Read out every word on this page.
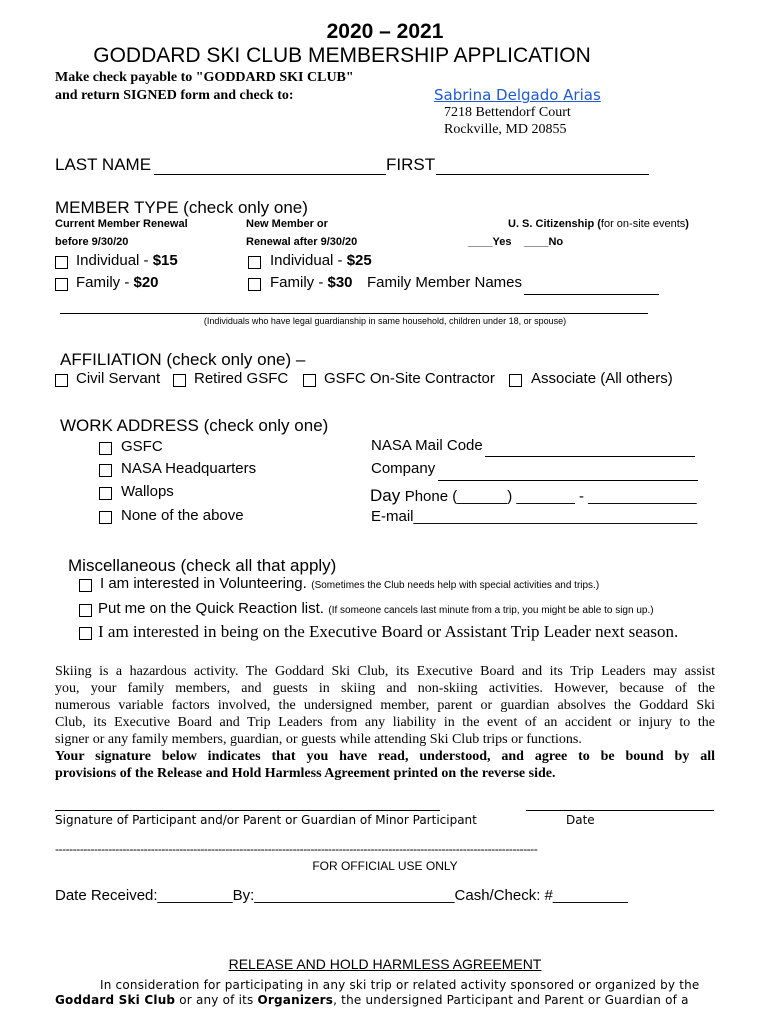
2020 – 2021
GODDARD SKI CLUB MEMBERSHIP APPLICATION
Make check payable to "GODDARD SKI CLUB"
and return SIGNED form and check to:	Sabrina Delgado Arias
7218 Bettendorf Court
Rockville, MD 20855
LAST NAME	FIRST
MEMBER TYPE (check only one)
Current Member Renewal
before 9/30/20
New Member or
Renewal after 9/30/20
U. S. Citizenship (for on-site events)
____Yes ____No
Individual - $15	Individual - $25
Family - $20	Family - $30 Family Member Names
(Individuals who have legal guardianship in same household, children under 18, or spouse)
AFFILIATION (check only one) –
Civil Servant Retired GSFC GSFC On-Site Contractor Associate (All others)
WORK ADDRESS (check only one)
GSFC
NASA Headquarters
Wallops
None of the above
NASA Mail Code
Company
Day Phone (______) _______ - _____________
E-mail__________________________________
Miscellaneous (check all that apply)
I am interested in Volunteering. (Sometimes the Club needs help with special activities and trips.)
Put me on the Quick Reaction list. (If someone cancels last minute from a trip, you might be able to sign up.)
I am interested in being on the Executive Board or Assistant Trip Leader next season.
Skiing is a hazardous activity. The Goddard Ski Club, its Executive Board and its Trip Leaders may assist
you, your family members, and guests in skiing and non-skiing activities. However, because of the
numerous variable factors involved, the undersigned member, parent or guardian absolves the Goddard Ski
Club, its Executive Board and Trip Leaders from any liability in the event of an accident or injury to the
signer or any family members, guardian, or guests while attending Ski Club trips or functions.
Your signature below indicates that you have read, understood, and agree to be bound by all
provisions of the Release and Hold Harmless Agreement printed on the reverse side.
Signature of Participant and/or Parent or Guardian of Minor Participant	Date
----------------------------------------------------------------------------------------------------------------------------------------
FOR OFFICIAL USE ONLY
Date Received:_________By:________________________Cash/Check: #_________
RELEASE AND HOLD HARMLESS AGREEMENT
In consideration for participating in any ski trip or related activity sponsored or organized by the
Goddard Ski Club or any of its Organizers, the undersigned Participant and Parent or Guardian of a
